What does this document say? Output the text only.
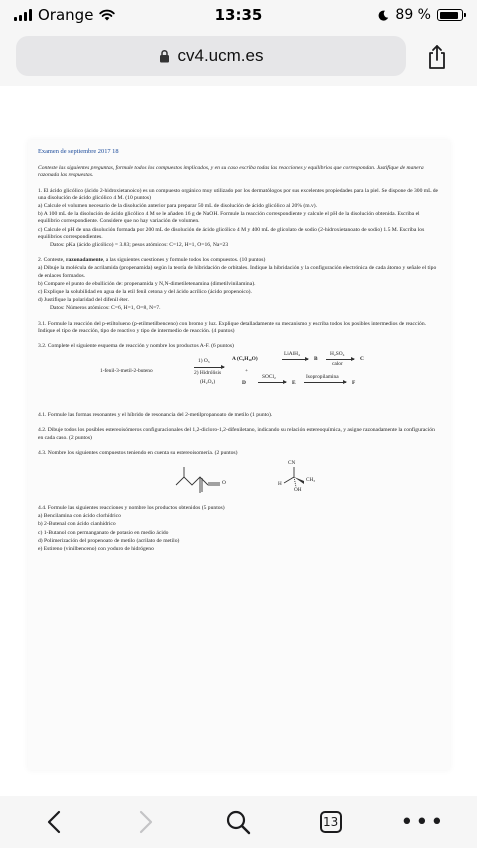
Orange	13:35	89 %
cv4.ucm.es
Examen de septiembre 2017 18
Conteste las siguientes preguntas, formule todos los compuestos implicados, y en su caso escriba todas las reacciones y equilibrios que correspondan. Justifique de manera razonada las respuestas.

1. El ácido glicólico (ácido 2-hidroxietanoico) es un compuesto orgánico muy utilizado por los dermatólogos por sus excelentes propiedades para la piel. Se dispone de 300 mL de una disolución de ácido glicólico 4 M. (10 puntos)

a) Calcule el volumen necesario de la disolución anterior para preparar 50 mL de disolución de ácido glicólico al 20% (m.v).

b) A 100 mL de la disolución de ácido glicólico 4 M se le añaden 16 g de NaOH. Formule la reacción correspondiente y calcule el pH de la disolución obtenida. Escriba el equilibrio correspondiente. Considere que no hay variación de volumen.

c) Calcule el pH de una disolución formada por 200 mL de disolución de ácido glicólico 4 M y 400 mL de glicolato de sodio (2-hidroxietanoato de sodio) 1.5 M. Escriba los equilibrios correspondientes.

Datos: pKa (ácido glicólico) = 3.83; pesos atómicos: C=12, H=1, O=16, Na=23

2. Conteste, razonadamente, a las siguientes cuestiones y formule todos los compuestos. (10 puntos)

a) Dibuje la molécula de acrilamida (propenamida) según la teoría de hibridación de orbitales. Indique la hibridación y la configuración electrónica de cada átomo y señale el tipo de enlaces formados.

b) Compare el punto de ebullición de: propenamida y N,N-dimetiletenamina (dimetilvinilamina).

c) Explique la solubilidad en agua de la etil fenil cetona y del ácido acrílico (ácido propenoico).

d) Justifique la polaridad del difenil éter.

Datos: Números atómicos: C=6, H=1, O=8, N=7.

3.1. Formule la reacción del p-etiltolueno (p-etilmetilbenceno) con bromo y luz. Explique detalladamente su mecanismo y escriba todos los posibles intermedios de reacción. Indique el tipo de reacción, tipo de reactivo y tipo de intermedio de reacción. (4 puntos)

3.2. Complete el siguiente esquema de reacción y nombre los productos A-F. (6 puntos)

1-fenil-3-metil-2-buteno
1) O₃
2) Hidrólisis
(H₂O₂)
A (C₉H₁₀O)
LiAlH₄
B
H₂SO₄
calor
C
+
D
SOCl₂
E
Isopropilamina
F

4.1. Formule las formas resonantes y el híbrido de resonancia del 2-metilpropanoato de metilo (1 punto).

4.2. Dibuje todos los posibles estereoisómeros configuracionales del 1,2-dicloro-1,2-difeniletano, indicando su relación estereoquímica, y asigne razonadamente la configuración en cada caso. (2 puntos)

4.3. Nombre los siguientes compuestos teniendo en cuenta su estereoisomería. (2 puntos)

O
CN
H
CH₃
OH

4.4. Formule las siguientes reacciones y nombre los productos obtenidos (5 puntos)

a) Bencilamina con ácido clorhídrico

b) 2-Butenal con ácido cianhídrico

c) 1-Butanol con permanganato de potasio en medio ácido

d) Polimerización del propenoato de metilo (acrilato de metilo)

e) Estireno (vinilbenceno) con yoduro de hidrógeno

13	•••
